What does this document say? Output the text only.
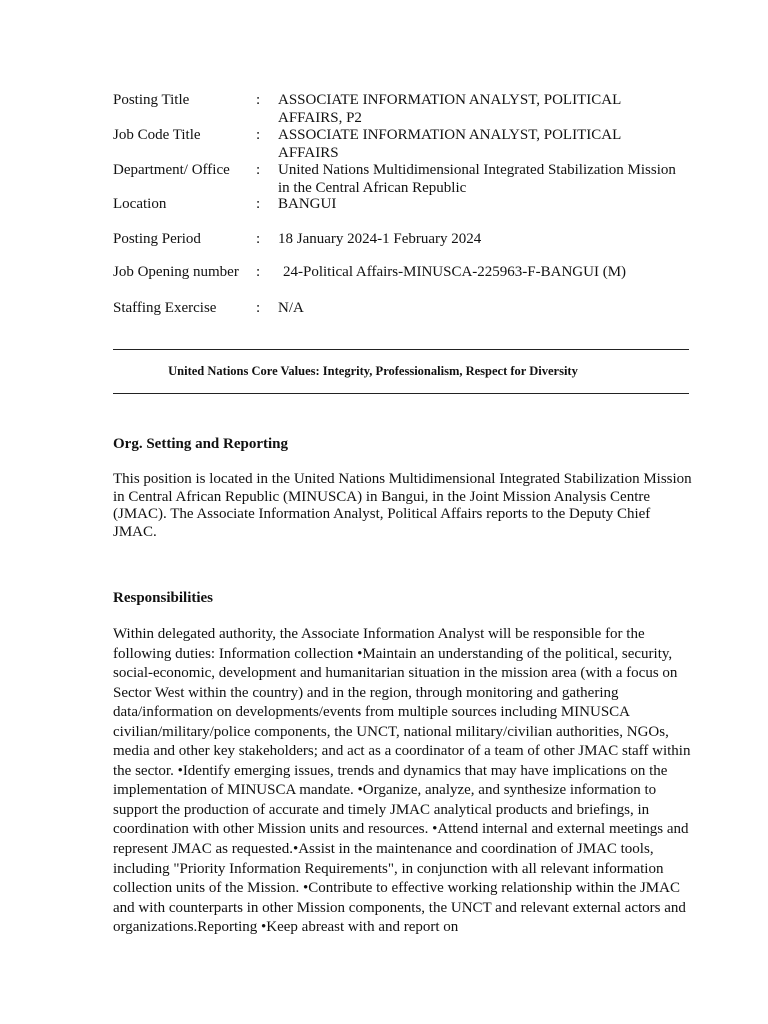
Posting Title	: ASSOCIATE INFORMATION ANALYST, POLITICAL AFFAIRS, P2
Job Code Title	: ASSOCIATE INFORMATION ANALYST, POLITICAL AFFAIRS
Department/ Office	: United Nations Multidimensional Integrated Stabilization Mission in the Central African Republic
Location	: BANGUI
Posting Period	: 18 January 2024-1 February 2024
Job Opening number	: 24-Political Affairs-MINUSCA-225963-F-BANGUI (M)
Staffing Exercise	: N/A
United Nations Core Values: Integrity, Professionalism, Respect for Diversity
Org. Setting and Reporting
This position is located in the United Nations Multidimensional Integrated Stabilization Mission in Central African Republic (MINUSCA) in Bangui, in the Joint Mission Analysis Centre (JMAC). The Associate Information Analyst, Political Affairs reports to the Deputy Chief JMAC.
Responsibilities
Within delegated authority, the Associate Information Analyst will be responsible for the following duties: Information collection •Maintain an understanding of the political, security, social-economic, development and humanitarian situation in the mission area (with a focus on Sector West within the country) and in the region, through monitoring and gathering data/information on developments/events from multiple sources including MINUSCA civilian/military/police components, the UNCT, national military/civilian authorities, NGOs, media and other key stakeholders; and act as a coordinator of a team of other JMAC staff within the sector. •Identify emerging issues, trends and dynamics that may have implications on the implementation of MINUSCA mandate. •Organize, analyze, and synthesize information to support the production of accurate and timely JMAC analytical products and briefings, in coordination with other Mission units and resources. •Attend internal and external meetings and represent JMAC as requested.•Assist in the maintenance and coordination of JMAC tools, including "Priority Information Requirements", in conjunction with all relevant information collection units of the Mission. •Contribute to effective working relationship within the JMAC and with counterparts in other Mission components, the UNCT and relevant external actors and organizations.Reporting •Keep abreast with and report on
